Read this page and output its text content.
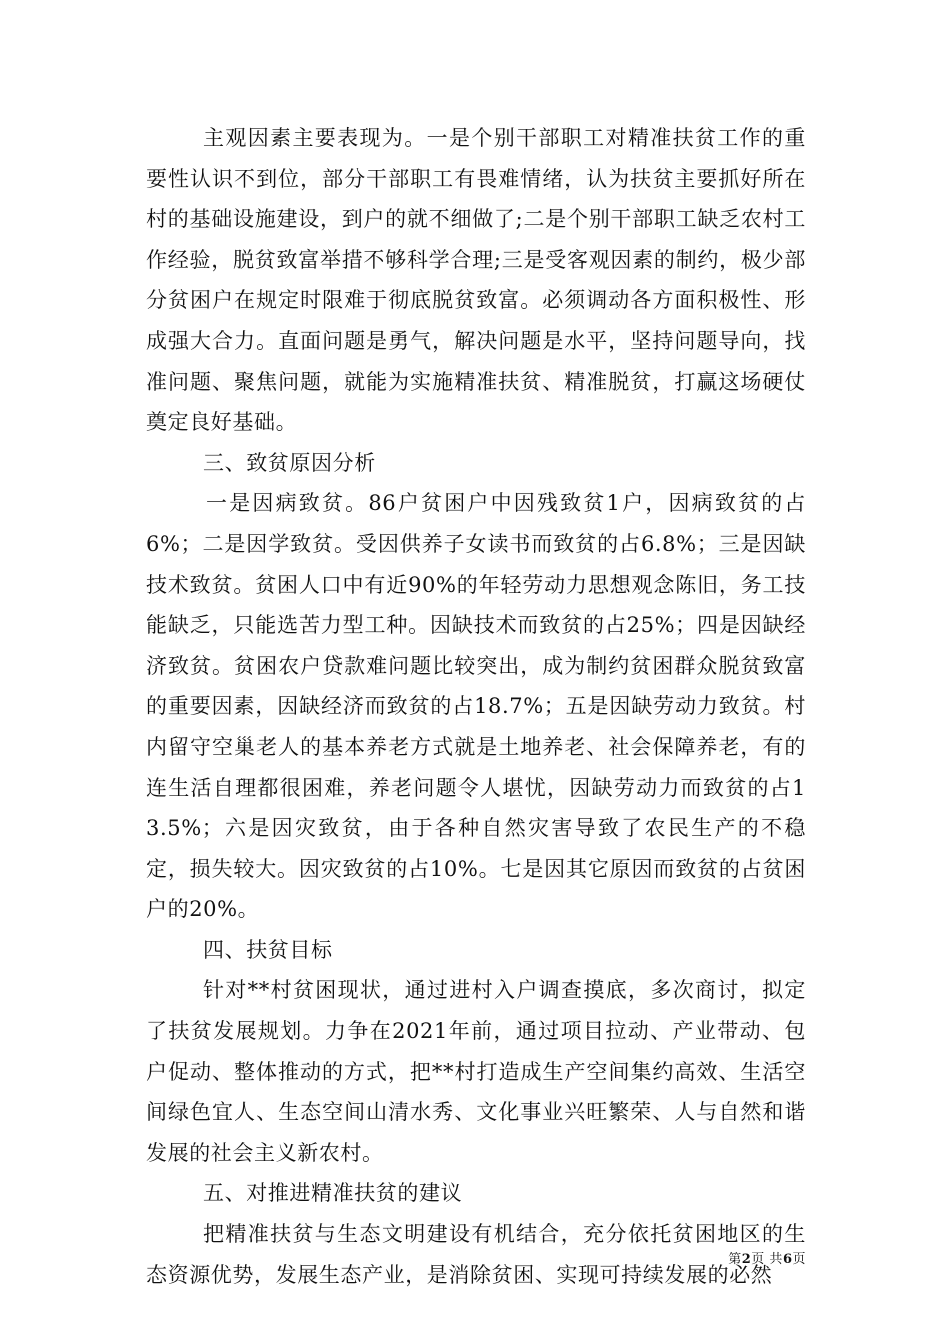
主观因素主要表现为。一是个别干部职工对精准扶贫工作的重要性认识不到位，部分干部职工有畏难情绪，认为扶贫主要抓好所在村的基础设施建设，到户的就不细做了;二是个别干部职工缺乏农村工作经验，脱贫致富举措不够科学合理;三是受客观因素的制约，极少部分贫困户在规定时限难于彻底脱贫致富。必须调动各方面积极性、形成强大合力。直面问题是勇气，解决问题是水平，坚持问题导向，找准问题、聚焦问题，就能为实施精准扶贫、精准脱贫，打赢这场硬仗奠定良好基础。

三、致贫原因分析

一是因病致贫。86户贫困户中因残致贫1户，因病致贫的占6%；二是因学致贫。受因供养子女读书而致贫的占6.8%；三是因缺技术致贫。贫困人口中有近90%的年轻劳动力思想观念陈旧，务工技能缺乏，只能选苦力型工种。因缺技术而致贫的占25%；四是因缺经济致贫。贫困农户贷款难问题比较突出，成为制约贫困群众脱贫致富的重要因素，因缺经济而致贫的占18.7%；五是因缺劳动力致贫。村内留守空巢老人的基本养老方式就是土地养老、社会保障养老，有的连生活自理都很困难，养老问题令人堪忧，因缺劳动力而致贫的占13.5%；六是因灾致贫，由于各种自然灾害导致了农民生产的不稳定，损失较大。因灾致贫的占10%。七是因其它原因而致贫的占贫困户的20%。

四、扶贫目标

针对**村贫困现状，通过进村入户调查摸底，多次商讨，拟定了扶贫发展规划。力争在2021年前，通过项目拉动、产业带动、包户促动、整体推动的方式，把**村打造成生产空间集约高效、生活空间绿色宜人、生态空间山清水秀、文化事业兴旺繁荣、人与自然和谐发展的社会主义新农村。

五、对推进精准扶贫的建议

把精准扶贫与生态文明建设有机结合，充分依托贫困地区的生态资源优势，发展生态产业，是消除贫困、实现可持续发展的必然

第2页 共6页
